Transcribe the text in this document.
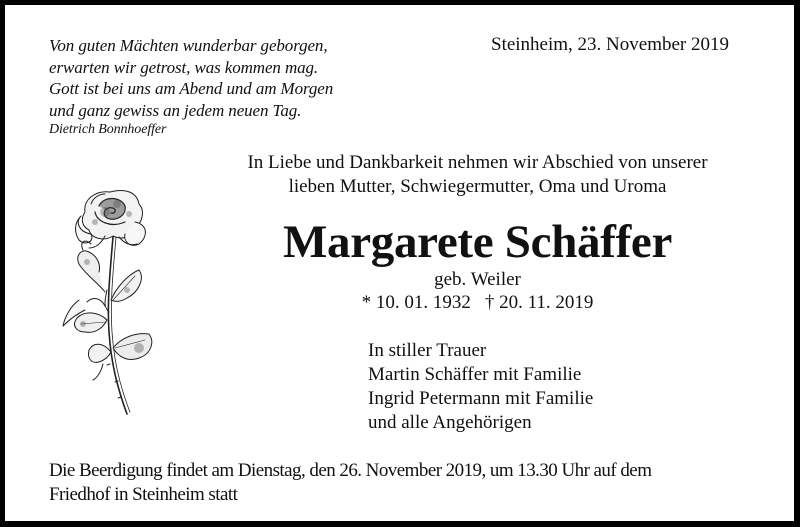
Von guten Mächten wunderbar geborgen,
erwarten wir getrost, was kommen mag.
Gott ist bei uns am Abend und am Morgen
und ganz gewiss an jedem neuen Tag.
Dietrich Bonnhoeffer
Steinheim, 23. November 2019
In Liebe und Dankbarkeit nehmen wir Abschied von unserer
lieben Mutter, Schwiegermutter, Oma und Uroma
Margarete Schäffer
geb. Weiler
* 10. 01. 1932 † 20. 11. 2019
In stiller Trauer
Martin Schäffer mit Familie
Ingrid Petermann mit Familie
und alle Angehörigen
Die Beerdigung findet am Dienstag, den 26. November 2019, um 13.30 Uhr auf dem
Friedhof in Steinheim statt
